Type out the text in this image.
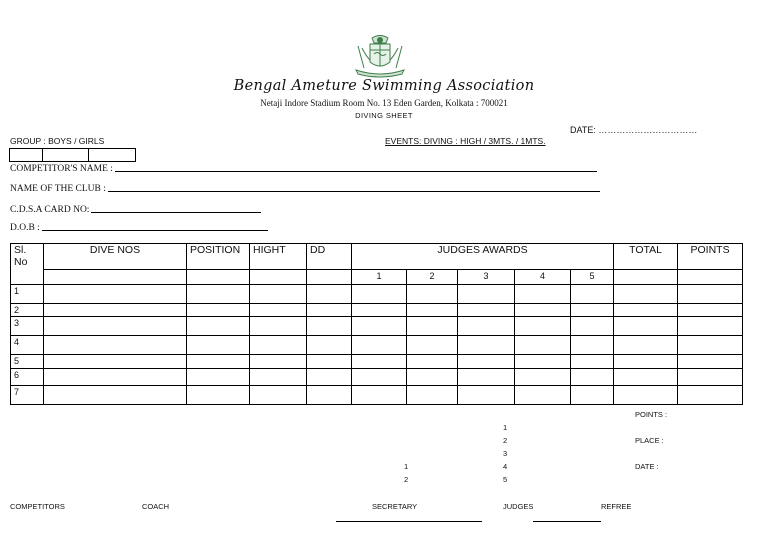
Bengal Ameture Swimming Association
Netaji Indore Stadium Room No. 13 Eden Garden, Kolkata : 700021
DIVING SHEET
DATE: ……………………………
GROUP : BOYS / GIRLS	EVENTS: DIVING : HIGH / 3MTS. / 1MTS.
COMPETITOR'S NAME :
NAME OF THE CLUB :
C.D.S.A CARD NO:
D.O.B :
Sl. No	DIVE NOS	POSITION	HIGHT	DD	JUDGES AWARDS					TOTAL	POINTS
					1	2	3	4	5		
1											
2											
3											
4											
5											
6											
7											
POINTS :
PLACE :
DATE :
1
2
3
4
5
1
2
COMPETITORS	COACH	SECRETARY	JUDGES	REFREE
